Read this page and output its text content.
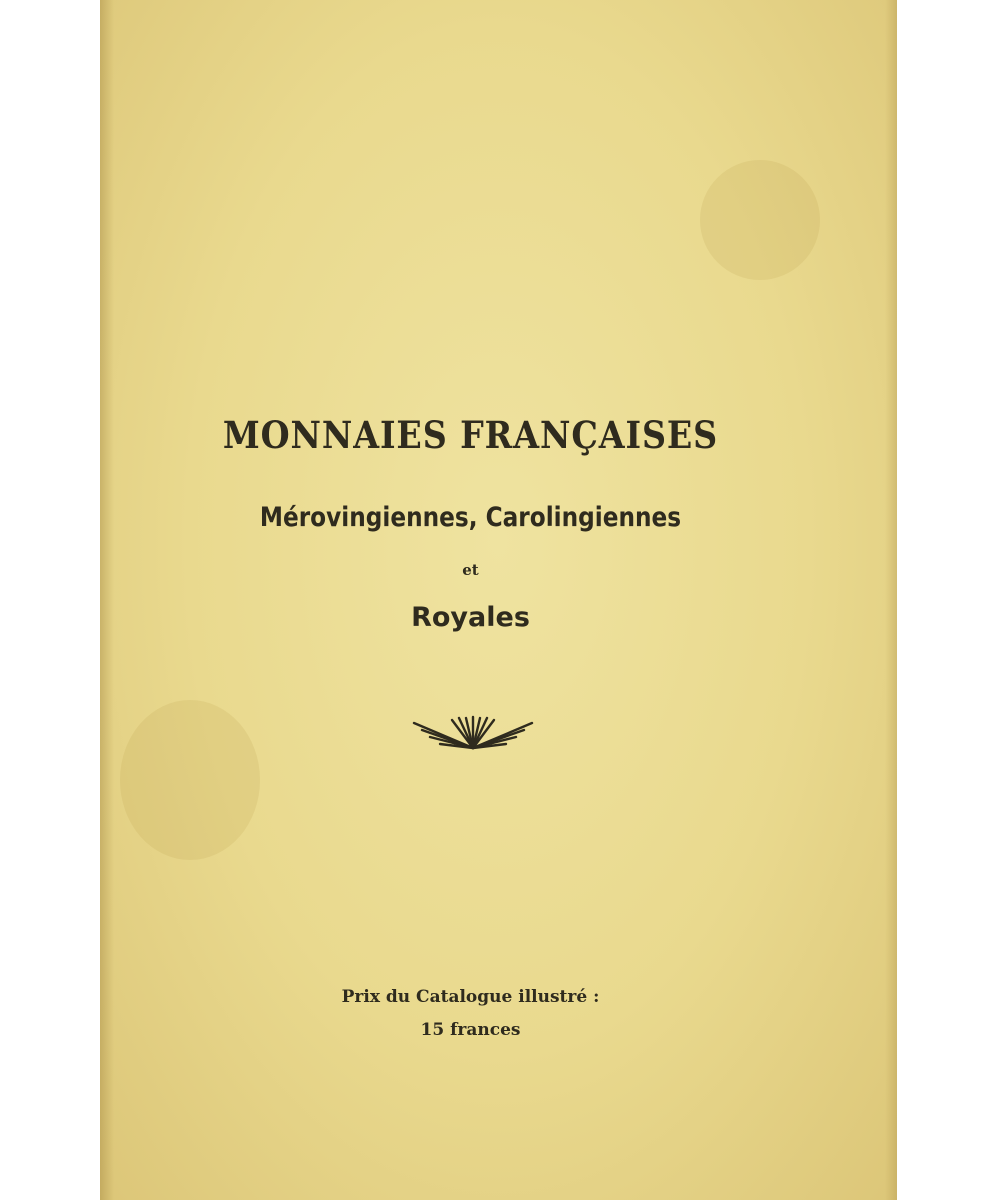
MONNAIES FRANÇAISES
Mérovingiennes, Carolingiennes
et
Royales
Prix du Catalogue illustré :
15 frances
